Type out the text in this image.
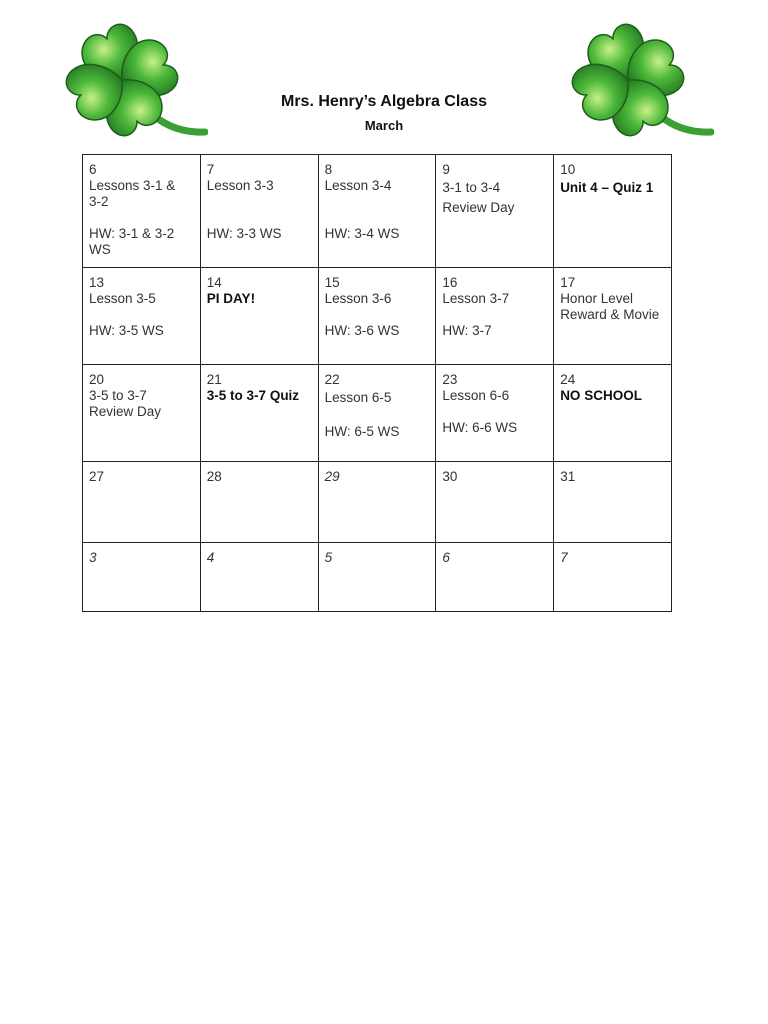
Mrs. Henry’s Algebra Class
March
6
Lessons 3-1 &
3-2
HW: 3-1 & 3-2
WS	7
Lesson 3-3
HW: 3-3 WS	8
Lesson 3-4
HW: 3-4 WS	9
3-1 to 3-4
Review Day	10
Unit 4 – Quiz 1

13
Lesson 3-5
HW: 3-5 WS	14
PI DAY!	15
Lesson 3-6
HW: 3-6 WS	16
Lesson 3-7
HW: 3-7	17
Honor Level
Reward & Movie

20
3-5 to 3-7
Review Day	21
3-5 to 3-7 Quiz	22
Lesson 6-5
HW: 6-5 WS	23
Lesson 6-6
HW: 6-6 WS	24
NO SCHOOL

27	28	29	30	31

3	4	5	6	7
